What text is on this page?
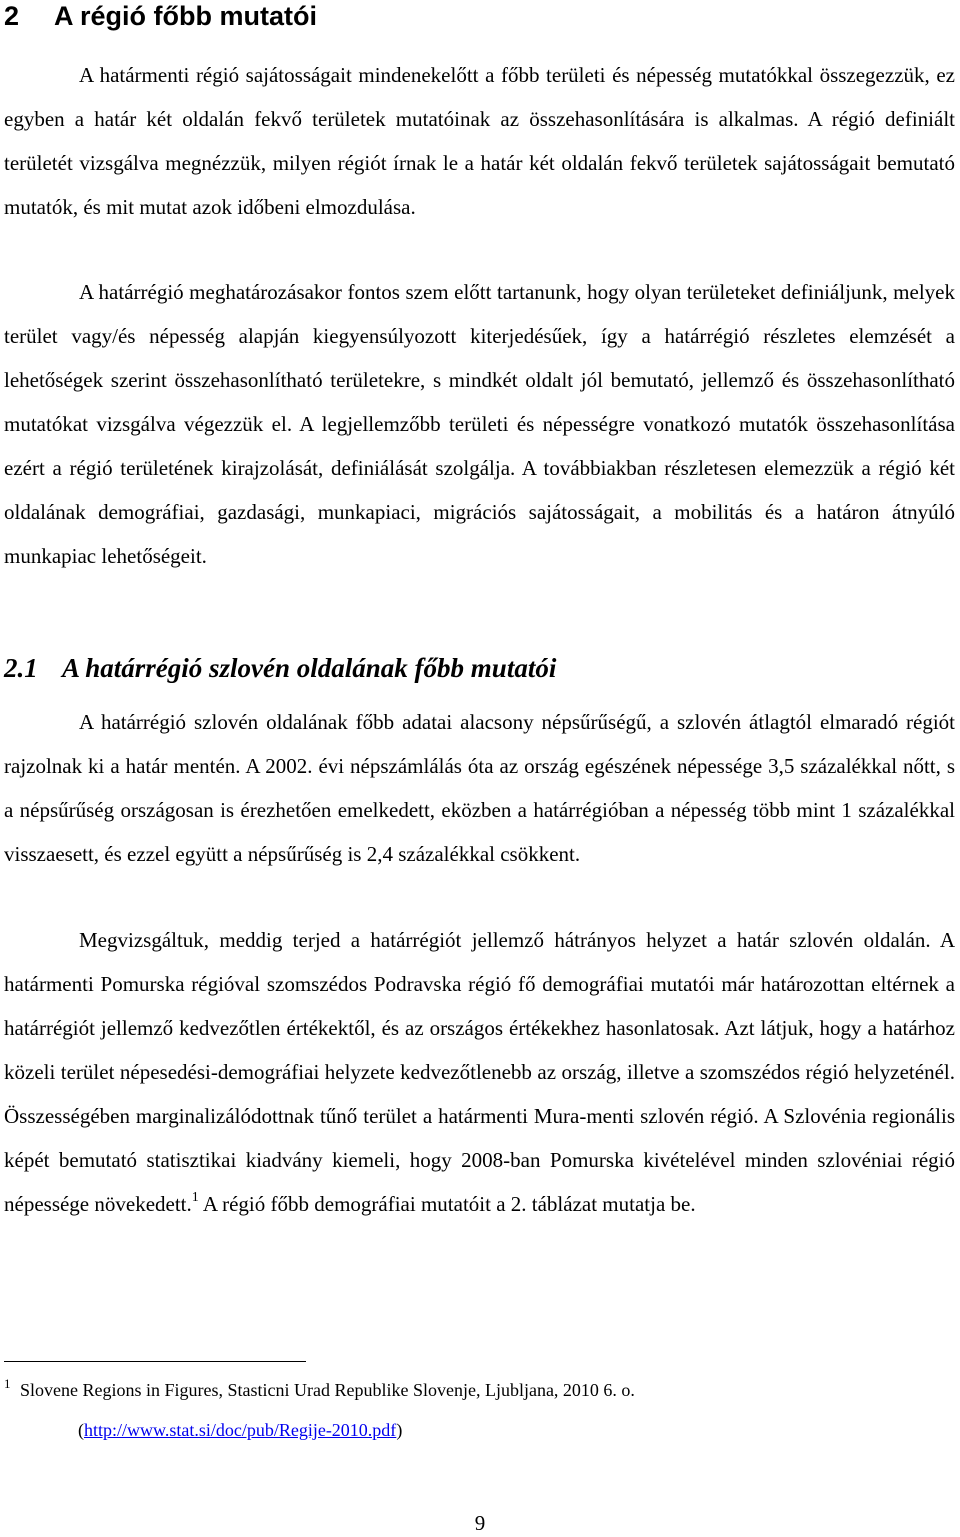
2 A régió főbb mutatói

A határmenti régió sajátosságait mindenekelőtt a főbb területi és népesség mutatókkal összegezzük, ez egyben a határ két oldalán fekvő területek mutatóinak az összehasonlítására is alkalmas. A régió definiált területét vizsgálva megnézzük, milyen régiót írnak le a határ két oldalán fekvő területek sajátosságait bemutató mutatók, és mit mutat azok időbeni elmozdulása.

A határrégió meghatározásakor fontos szem előtt tartanunk, hogy olyan területeket definiáljunk, melyek terület vagy/és népesség alapján kiegyensúlyozott kiterjedésűek, így a határrégió részletes elemzését a lehetőségek szerint összehasonlítható területekre, s mindkét oldalt jól bemutató, jellemző és összehasonlítható mutatókat vizsgálva végezzük el. A legjellemzőbb területi és népességre vonatkozó mutatók összehasonlítása ezért a régió területének kirajzolását, definiálását szolgálja. A továbbiakban részletesen elemezzük a régió két oldalának demográfiai, gazdasági, munkapiaci, migrációs sajátosságait, a mobilitás és a határon átnyúló munkapiac lehetőségeit.

2.1 A határrégió szlovén oldalának főbb mutatói

A határrégió szlovén oldalának főbb adatai alacsony népsűrűségű, a szlovén átlagtól elmaradó régiót rajzolnak ki a határ mentén. A 2002. évi népszámlálás óta az ország egészének népessége 3,5 százalékkal nőtt, s a népsűrűség országosan is érezhetően emelkedett, eközben a határrégióban a népesség több mint 1 százalékkal visszaesett, és ezzel együtt a népsűrűség is 2,4 százalékkal csökkent.

Megvizsgáltuk, meddig terjed a határrégiót jellemző hátrányos helyzet a határ szlovén oldalán. A határmenti Pomurska régióval szomszédos Podravska régió fő demográfiai mutatói már határozottan eltérnek a határrégiót jellemző kedvezőtlen értékektől, és az országos értékekhez hasonlatosak. Azt látjuk, hogy a határhoz közeli terület népesedési-demográfiai helyzete kedvezőtlenebb az ország, illetve a szomszédos régió helyzeténél. Összességében marginalizálódottnak tűnő terület a határmenti Mura-menti szlovén régió. A Szlovénia regionális képét bemutató statisztikai kiadvány kiemeli, hogy 2008-ban Pomurska kivételével minden szlovéniai régió népessége növekedett.$^1$ A régió főbb demográfiai mutatóit a 2. táblázat mutatja be.

1 Slovene Regions in Figures, Stasticni Urad Republike Slovenje, Ljubljana, 2010 6. o.
(http://www.stat.si/doc/pub/Regije-2010.pdf)
9
